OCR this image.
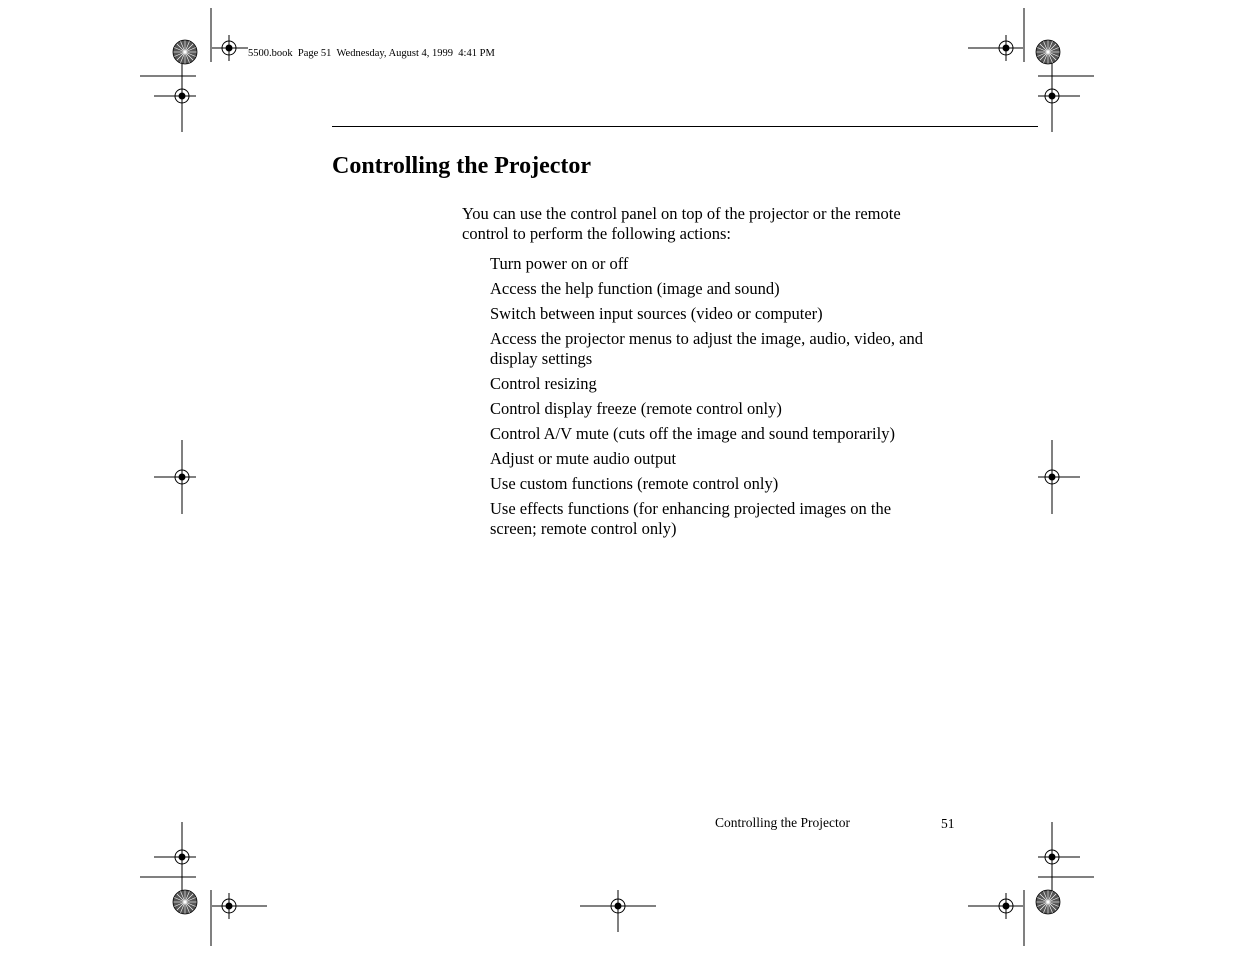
5500.book  Page 51  Wednesday, August 4, 1999  4:41 PM
Controlling the Projector

You can use the control panel on top of the projector or the remote control to perform the following actions:

Turn power on or off
Access the help function (image and sound)
Switch between input sources (video or computer)
Access the projector menus to adjust the image, audio, video, and display settings
Control resizing
Control display freeze (remote control only)
Control A/V mute (cuts off the image and sound temporarily)
Adjust or mute audio output
Use custom functions (remote control only)
Use effects functions (for enhancing projected images on the screen; remote control only)
Controlling the Projector	51
